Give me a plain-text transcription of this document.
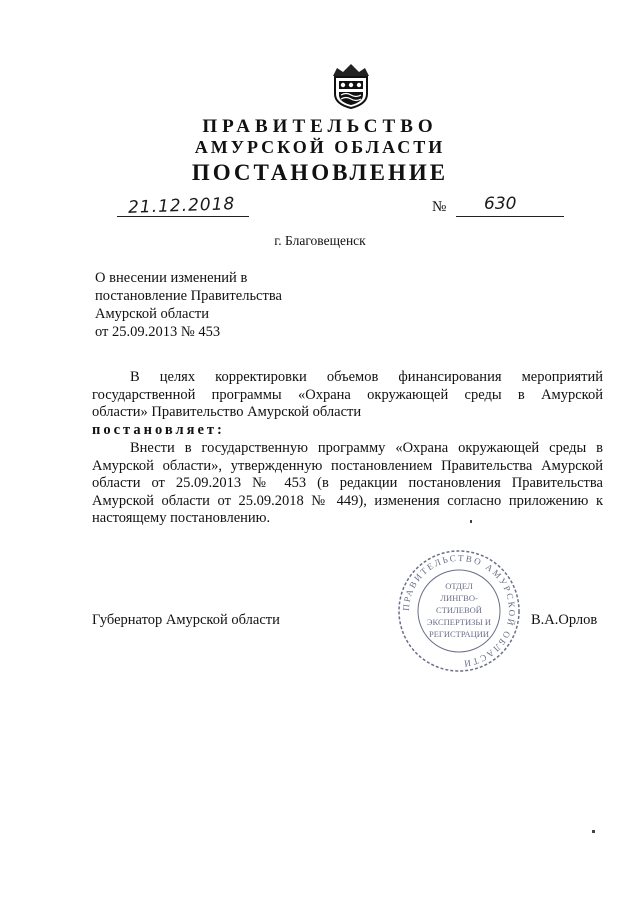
ПРАВИТЕЛЬСТВО
АМУРСКОЙ ОБЛАСТИ
ПОСТАНОВЛЕНИЕ
21.12.2018	№ 630
г. Благовещенск
О внесении изменений в
постановление Правительства
Амурской области
от 25.09.2013 № 453
В целях корректировки объемов финансирования мероприятий
государственной программы «Охрана окружающей среды в Амурской
области» Правительство Амурской области
постановляет:
Внести в государственную программу «Охрана окружающей среды в
Амурской области», утвержденную постановлением Правительства Амурской
области от 25.09.2013 № 453 (в редакции постановления Правительства
Амурской области от 25.09.2018 № 449), изменения согласно приложению к
настоящему постановлению.
Губернатор Амурской области	В.А.Орлов
ПРАВИТЕЛЬСТВО АМУРСКОЙ ОБЛАСТИ
ОТДЕЛ
ЛИНГВО-
СТИЛЕВОЙ
ЭКСПЕРТИЗЫ И
РЕГИСТРАЦИИ
